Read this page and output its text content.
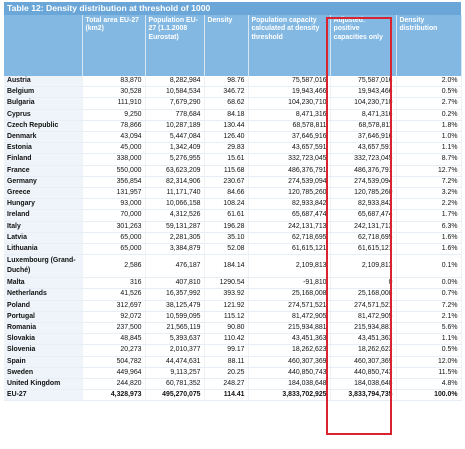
Table 12: Density distribution at threshold of 1000
	Total area EU-27 (km2)	Population EU-27 (1.1.2008 Eurostat)	Density	Population capacity calculated at density threshold	Adjusted: positive capacities only	Density distribution
Austria	83,870	8,282,984	98.76	75,587,016	75,587,016	2.0%
Belgium	30,528	10,584,534	346.72	19,943,466	19,943,466	0.5%
Bulgaria	111,910	7,679,290	68.62	104,230,710	104,230,710	2.7%
Cyprus	9,250	778,684	84.18	8,471,316	8,471,316	0.2%
Czech Republic	78,866	10,287,189	130.44	68,578,811	68,578,811	1.8%
Denmark	43,094	5,447,084	126.40	37,646,916	37,646,916	1.0%
Estonia	45,000	1,342,409	29.83	43,657,591	43,657,591	1.1%
Finland	338,000	5,276,955	15.61	332,723,045	332,723,045	8.7%
France	550,000	63,623,209	115.68	486,376,791	486,376,791	12.7%
Germany	356,854	82,314,906	230.67	274,539,094	274,539,094	7.2%
Greece	131,957	11,171,740	84.66	120,785,260	120,785,260	3.2%
Hungary	93,000	10,066,158	108.24	82,933,842	82,933,842	2.2%
Ireland	70,000	4,312,526	61.61	65,687,474	65,687,474	1.7%
Italy	301,263	59,131,287	196.28	242,131,713	242,131,713	6.3%
Latvia	65,000	2,281,305	35.10	62,718,695	62,718,695	1.6%
Lithuania	65,000	3,384,879	52.08	61,615,121	61,615,121	1.6%
Luxembourg (Grand-Duché)	2,586	476,187	184.14	2,109,813	2,109,813	0.1%
Malta	316	407,810	1290.54	-91,810	0	0.0%
Netherlands	41,526	16,357,992	393.92	25,168,008	25,168,008	0.7%
Poland	312,697	38,125,479	121.92	274,571,521	274,571,521	7.2%
Portugal	92,072	10,599,095	115.12	81,472,905	81,472,905	2.1%
Romania	237,500	21,565,119	90.80	215,934,881	215,934,881	5.6%
Slovakia	48,845	5,393,637	110.42	43,451,363	43,451,363	1.1%
Slovenia	20,273	2,010,377	99.17	18,262,623	18,262,623	0.5%
Spain	504,782	44,474,631	88.11	460,307,369	460,307,369	12.0%
Sweden	449,964	9,113,257	20.25	440,850,743	440,850,743	11.5%
United Kingdom	244,820	60,781,352	248.27	184,038,648	184,038,648	4.8%
EU-27	4,328,973	495,270,075	114.41	3,833,702,925	3,833,794,735	100.0%
